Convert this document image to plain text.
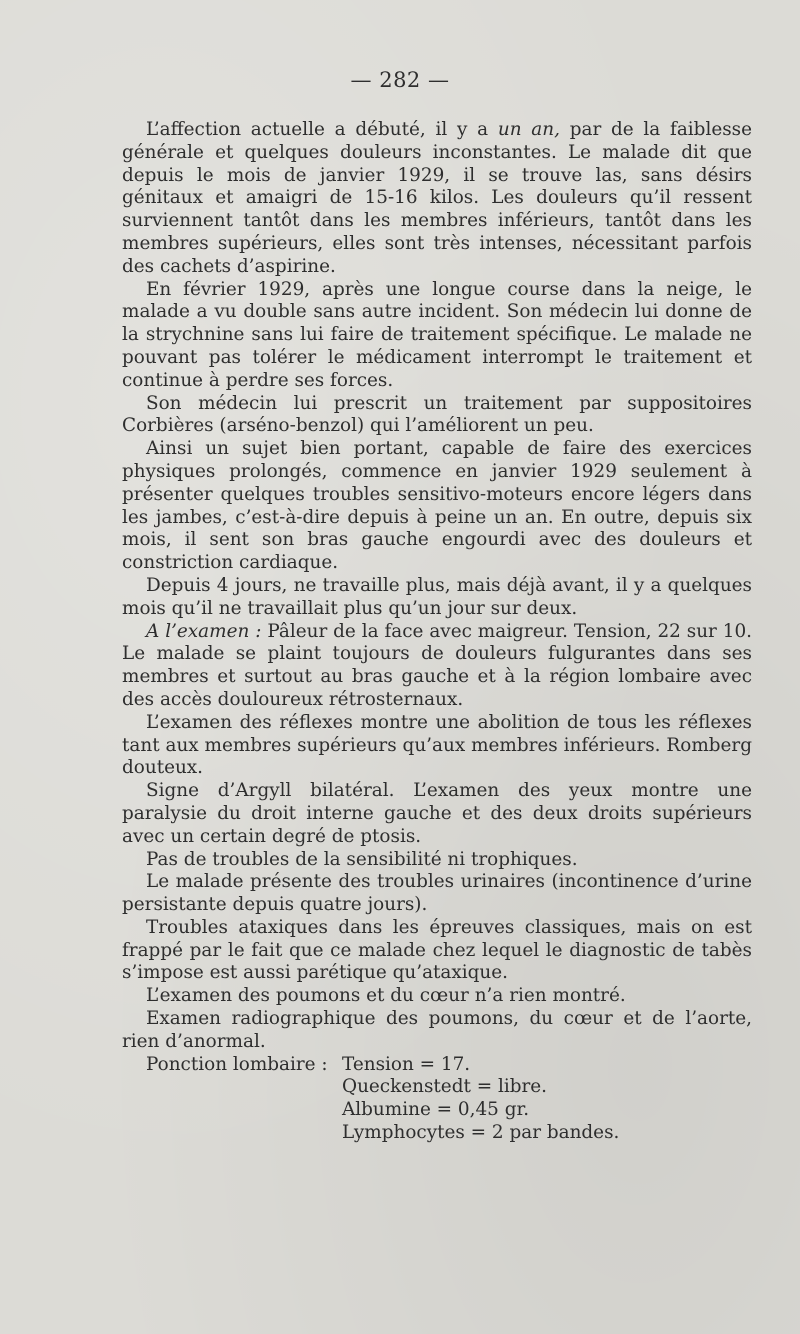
— 282 —

L’affection actuelle a débuté, il y a un an, par de la faiblesse générale et quelques douleurs inconstantes. Le malade dit que depuis le mois de janvier 1929, il se trouve las, sans désirs génitaux et amaigri de 15-16 kilos. Les douleurs qu’il ressent surviennent tantôt dans les membres inférieurs, tantôt dans les membres supérieurs, elles sont très intenses, nécessitant parfois des cachets d’aspirine.

En février 1929, après une longue course dans la neige, le malade a vu double sans autre incident. Son médecin lui donne de la strychnine sans lui faire de traitement spécifique. Le malade ne pouvant pas tolérer le médicament interrompt le traitement et continue à perdre ses forces.

Son médecin lui prescrit un traitement par suppositoires Corbières (arséno-benzol) qui l’améliorent un peu.

Ainsi un sujet bien portant, capable de faire des exercices physiques prolongés, commence en janvier 1929 seulement à présenter quelques troubles sensitivo-moteurs encore légers dans les jambes, c’est-à-dire depuis à peine un an. En outre, depuis six mois, il sent son bras gauche engourdi avec des douleurs et constriction cardiaque.

Depuis 4 jours, ne travaille plus, mais déjà avant, il y a quelques mois qu’il ne travaillait plus qu’un jour sur deux.

A l’examen : Pâleur de la face avec maigreur. Tension, 22 sur 10. Le malade se plaint toujours de douleurs fulgurantes dans ses membres et surtout au bras gauche et à la région lombaire avec des accès douloureux rétrosternaux.

L’examen des réflexes montre une abolition de tous les réflexes tant aux membres supérieurs qu’aux membres inférieurs. Romberg douteux.

Signe d’Argyll bilatéral. L’examen des yeux montre une paralysie du droit interne gauche et des deux droits supérieurs avec un certain degré de ptosis.

Pas de troubles de la sensibilité ni trophiques.

Le malade présente des troubles urinaires (incontinence d’urine persistante depuis quatre jours).

Troubles ataxiques dans les épreuves classiques, mais on est frappé par le fait que ce malade chez lequel le diagnostic de tabès s’impose est aussi parétique qu’ataxique.

L’examen des poumons et du cœur n’a rien montré.

Examen radiographique des poumons, du cœur et de l’aorte, rien d’anormal.

Ponction lombaire : Tension = 17.
Queckenstedt = libre.
Albumine = 0,45 gr.
Lymphocytes = 2 par bandes.
